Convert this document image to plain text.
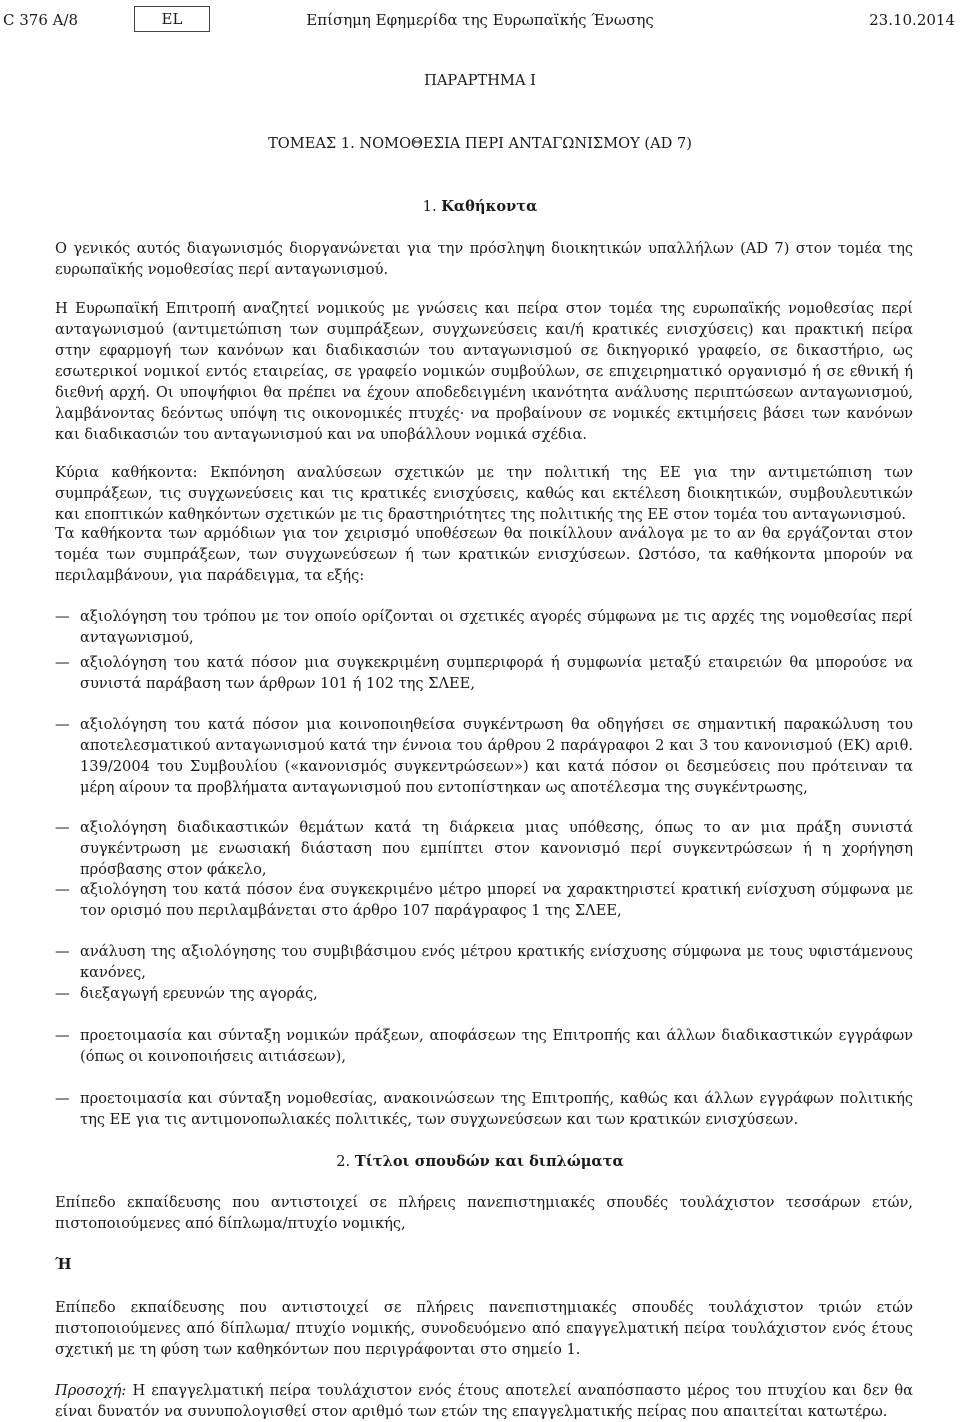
C 376 A/8	EL	Επίσημη Εφημερίδα της Ευρωπαϊκής Ένωσης	23.10.2014
ΠΑΡΑΡΤΗΜΑ I
ΤΟΜΕΑΣ 1. ΝΟΜΟΘΕΣΙΑ ΠΕΡΙ ΑΝΤΑΓΩΝΙΣΜΟΥ (AD 7)
1. Καθήκοντα
Ο γενικός αυτός διαγωνισμός διοργανώνεται για την πρόσληψη διοικητικών υπαλλήλων (AD 7) στον τομέα της ευρωπαϊκής νομοθεσίας περί ανταγωνισμού.
Η Ευρωπαϊκή Επιτροπή αναζητεί νομικούς με γνώσεις και πείρα στον τομέα της ευρωπαϊκής νομοθεσίας περί ανταγωνισμού (αντιμετώπιση των συμπράξεων, συγχωνεύσεις και/ή κρατικές ενισχύσεις) και πρακτική πείρα στην εφαρμογή των κανόνων και διαδικασιών του ανταγωνισμού σε δικηγορικό γραφείο, σε δικαστήριο, ως εσωτερικοί νομικοί εντός εταιρείας, σε γραφείο νομικών συμβούλων, σε επιχειρηματικό οργανισμό ή σε εθνική ή διεθνή αρχή. Οι υποψήφιοι θα πρέπει να έχουν αποδεδειγμένη ικανότητα ανάλυσης περιπτώσεων ανταγωνισμού, λαμβάνοντας δεόντως υπόψη τις οικονομικές πτυχές· να προβαίνουν σε νομικές εκτιμήσεις βάσει των κανόνων και διαδικασιών του ανταγωνισμού και να υποβάλλουν νομικά σχέδια.
Κύρια καθήκοντα: Εκπόνηση αναλύσεων σχετικών με την πολιτική της ΕΕ για την αντιμετώπιση των συμπράξεων, τις συγχωνεύσεις και τις κρατικές ενισχύσεις, καθώς και εκτέλεση διοικητικών, συμβουλευτικών και εποπτικών καθηκόντων σχετικών με τις δραστηριότητες της πολιτικής της ΕΕ στον τομέα του ανταγωνισμού.
Τα καθήκοντα των αρμόδιων για τον χειρισμό υποθέσεων θα ποικίλλουν ανάλογα με το αν θα εργάζονται στον τομέα των συμπράξεων, των συγχωνεύσεων ή των κρατικών ενισχύσεων. Ωστόσο, τα καθήκοντα μπορούν να περιλαμβάνουν, για παράδειγμα, τα εξής:
— αξιολόγηση του τρόπου με τον οποίο ορίζονται οι σχετικές αγορές σύμφωνα με τις αρχές της νομοθεσίας περί ανταγωνισμού,
— αξιολόγηση του κατά πόσον μια συγκεκριμένη συμπεριφορά ή συμφωνία μεταξύ εταιρειών θα μπορούσε να συνιστά παράβαση των άρθρων 101 ή 102 της ΣΛΕΕ,
— αξιολόγηση του κατά πόσον μια κοινοποιηθείσα συγκέντρωση θα οδηγήσει σε σημαντική παρακώλυση του αποτελεσματικού ανταγωνισμού κατά την έννοια του άρθρου 2 παράγραφοι 2 και 3 του κανονισμού (ΕΚ) αριθ. 139/2004 του Συμβουλίου («κανονισμός συγκεντρώσεων») και κατά πόσον οι δεσμεύσεις που πρότειναν τα μέρη αίρουν τα προβλήματα ανταγωνισμού που εντοπίστηκαν ως αποτέλεσμα της συγκέντρωσης,
— αξιολόγηση διαδικαστικών θεμάτων κατά τη διάρκεια μιας υπόθεσης, όπως το αν μια πράξη συνιστά συγκέντρωση με ενωσιακή διάσταση που εμπίπτει στον κανονισμό περί συγκεντρώσεων ή η χορήγηση πρόσβασης στον φάκελο,
— αξιολόγηση του κατά πόσον ένα συγκεκριμένο μέτρο μπορεί να χαρακτηριστεί κρατική ενίσχυση σύμφωνα με τον ορισμό που περιλαμβάνεται στο άρθρο 107 παράγραφος 1 της ΣΛΕΕ,
— ανάλυση της αξιολόγησης του συμβιβάσιμου ενός μέτρου κρατικής ενίσχυσης σύμφωνα με τους υφιστάμενους κανόνες,
— διεξαγωγή ερευνών της αγοράς,
— προετοιμασία και σύνταξη νομικών πράξεων, αποφάσεων της Επιτροπής και άλλων διαδικαστικών εγγράφων (όπως οι κοινοποιήσεις αιτιάσεων),
— προετοιμασία και σύνταξη νομοθεσίας, ανακοινώσεων της Επιτροπής, καθώς και άλλων εγγράφων πολιτικής της ΕΕ για τις αντιμονοπωλιακές πολιτικές, των συγχωνεύσεων και των κρατικών ενισχύσεων.
2. Τίτλοι σπουδών και διπλώματα
Επίπεδο εκπαίδευσης που αντιστοιχεί σε πλήρεις πανεπιστημιακές σπουδές τουλάχιστον τεσσάρων ετών, πιστοποιούμενες από δίπλωμα/πτυχίο νομικής,
Ή
Επίπεδο εκπαίδευσης που αντιστοιχεί σε πλήρεις πανεπιστημιακές σπουδές τουλάχιστον τριών ετών πιστοποιούμενες από δίπλωμα/ πτυχίο νομικής, συνοδευόμενο από επαγγελματική πείρα τουλάχιστον ενός έτους σχετική με τη φύση των καθηκόντων που περιγράφονται στο σημείο 1.
Προσοχή: Η επαγγελματική πείρα τουλάχιστον ενός έτους αποτελεί αναπόσπαστο μέρος του πτυχίου και δεν θα είναι δυνατόν να συνυπολογισθεί στον αριθμό των ετών της επαγγελματικής πείρας που απαιτείται κατωτέρω.
